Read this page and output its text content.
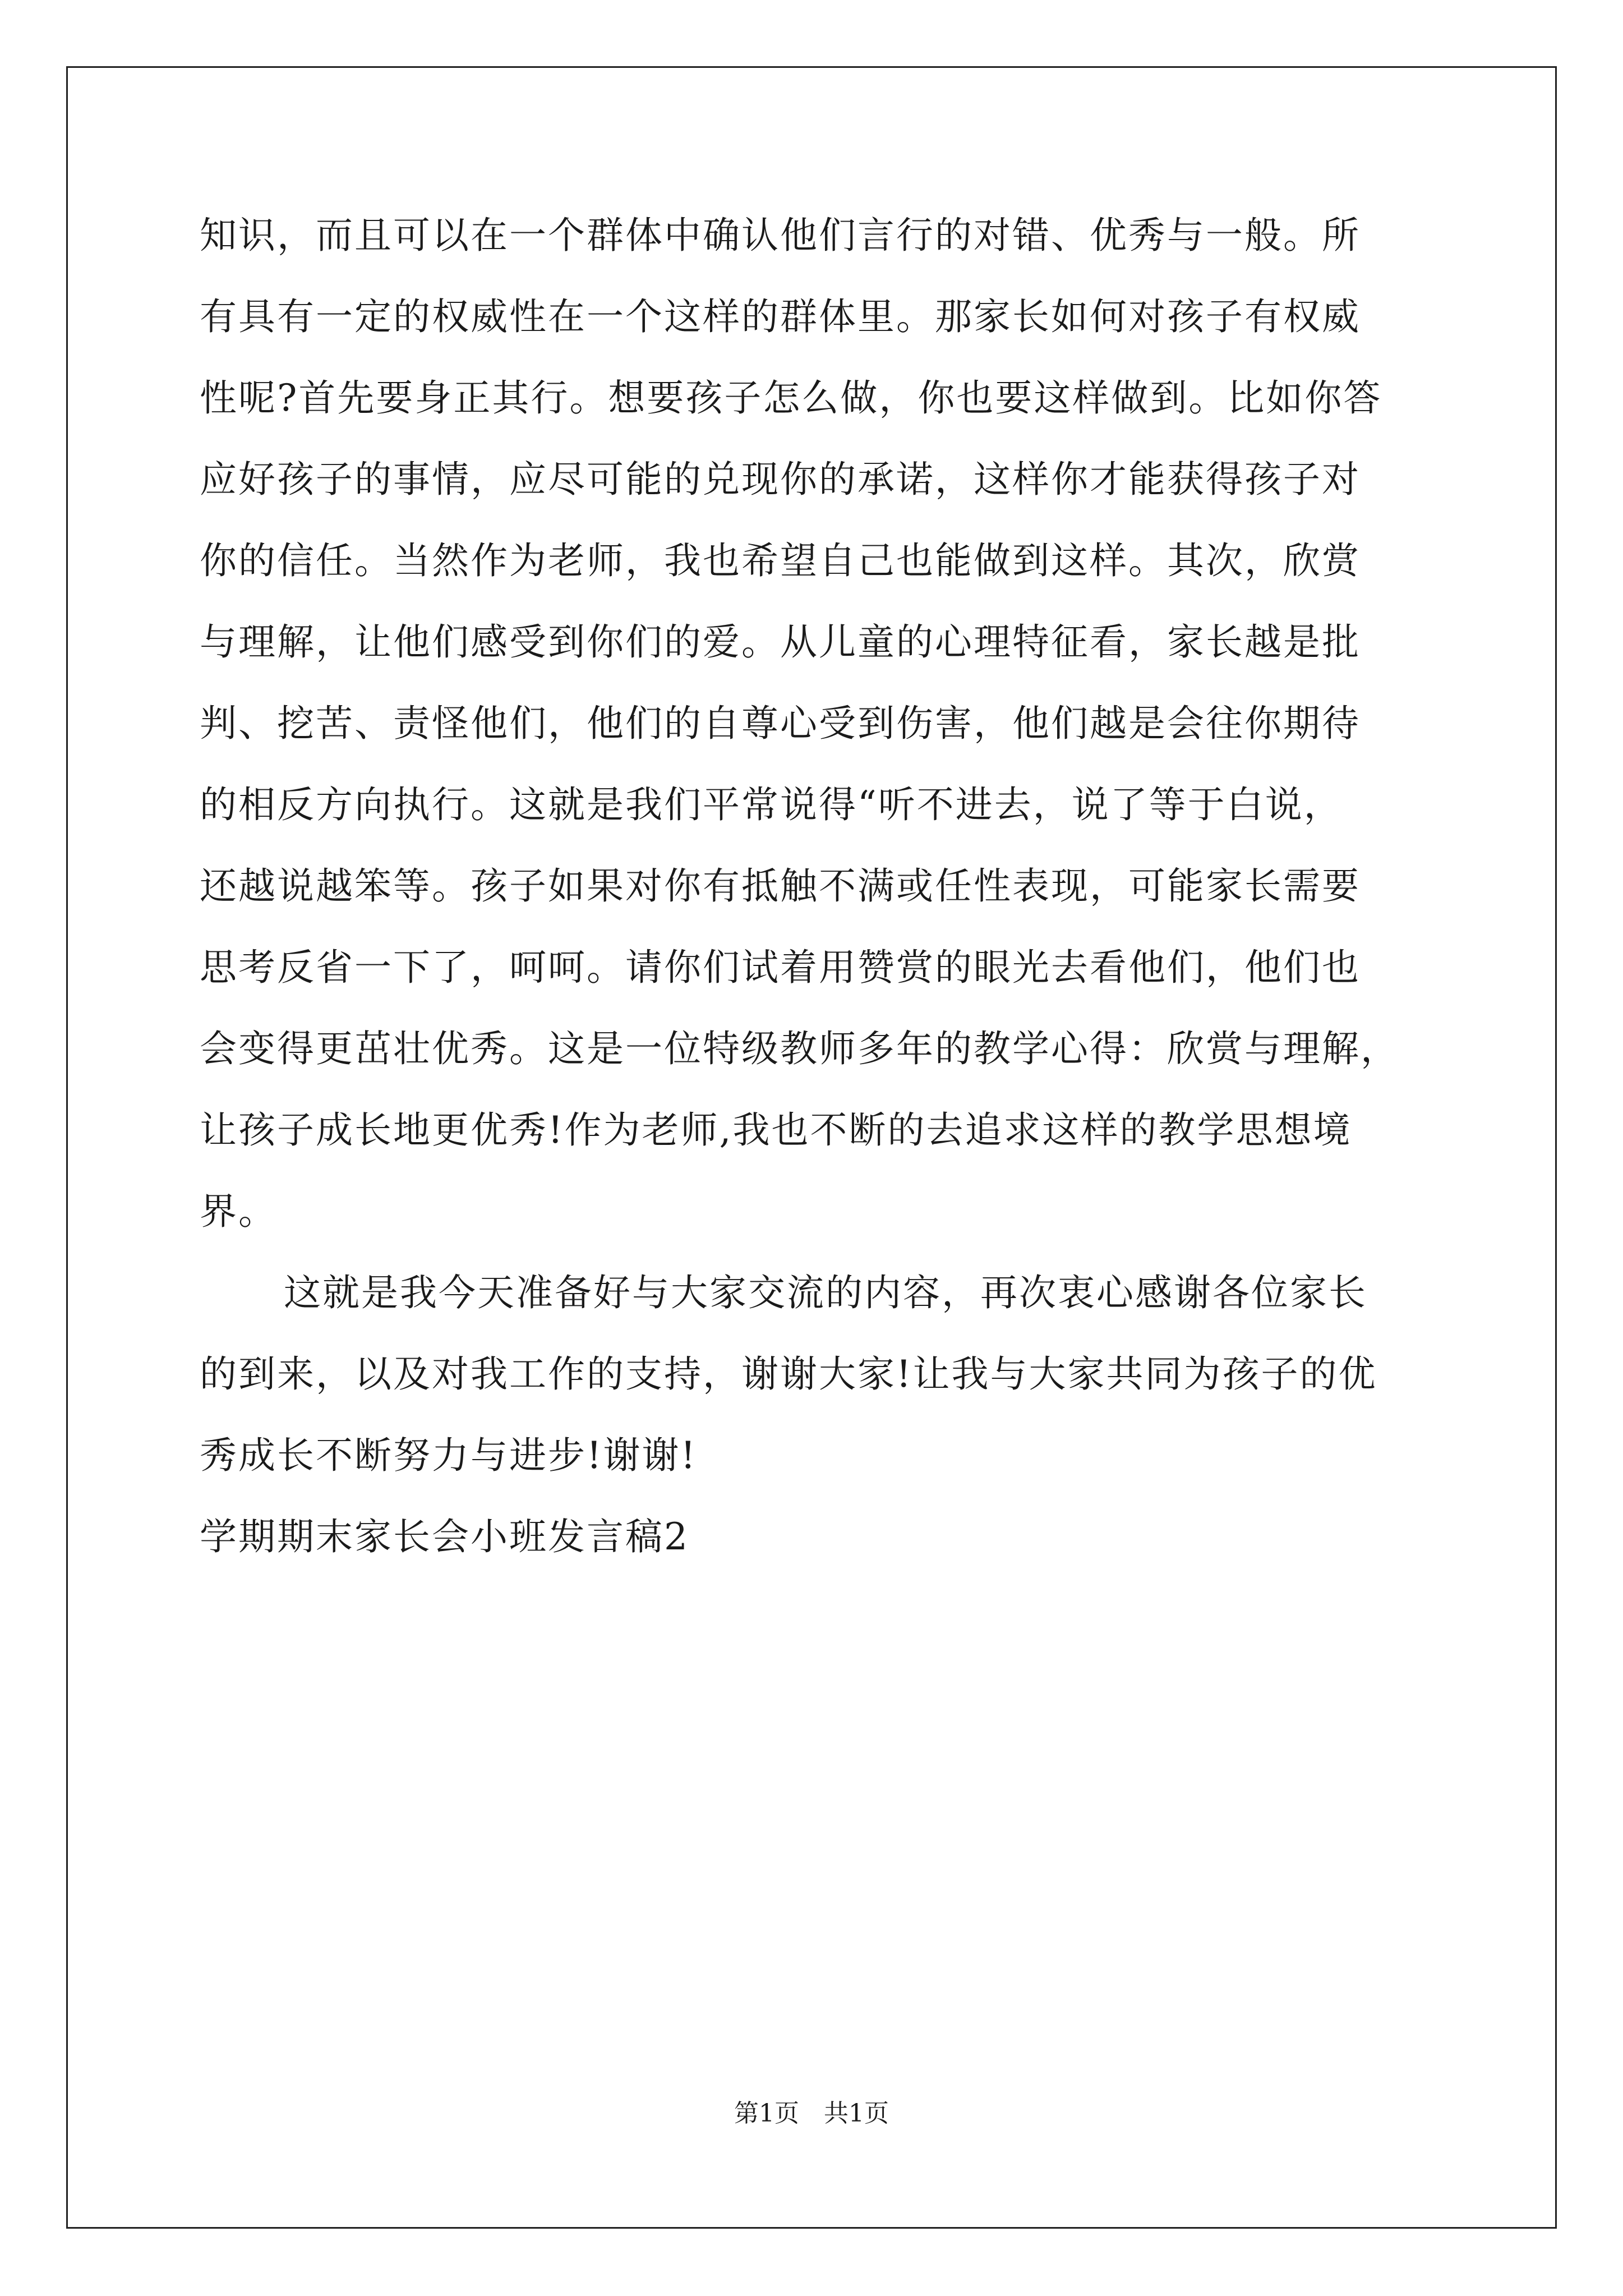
知识，而且可以在一个群体中确认他们言行的对错、优秀与一般。所
有具有一定的权威性在一个这样的群体里。那家长如何对孩子有权威
性呢?首先要身正其行。想要孩子怎么做，你也要这样做到。比如你答
应好孩子的事情，应尽可能的兑现你的承诺，这样你才能获得孩子对
你的信任。当然作为老师，我也希望自己也能做到这样。其次，欣赏
与理解，让他们感受到你们的爱。从儿童的心理特征看，家长越是批
判、挖苦、责怪他们，他们的自尊心受到伤害，他们越是会往你期待
的相反方向执行。这就是我们平常说得“听不进去，说了等于白说，
还越说越笨等。孩子如果对你有抵触不满或任性表现，可能家长需要
思考反省一下了，呵呵。请你们试着用赞赏的眼光去看他们，他们也
会变得更茁壮优秀。这是一位特级教师多年的教学心得：欣赏与理解，
让孩子成长地更优秀!作为老师,我也不断的去追求这样的教学思想境
界。
这就是我今天准备好与大家交流的内容，再次衷心感谢各位家长
的到来，以及对我工作的支持，谢谢大家!让我与大家共同为孩子的优
秀成长不断努力与进步!谢谢!
学期期末家长会小班发言稿2
第1页　共1页
